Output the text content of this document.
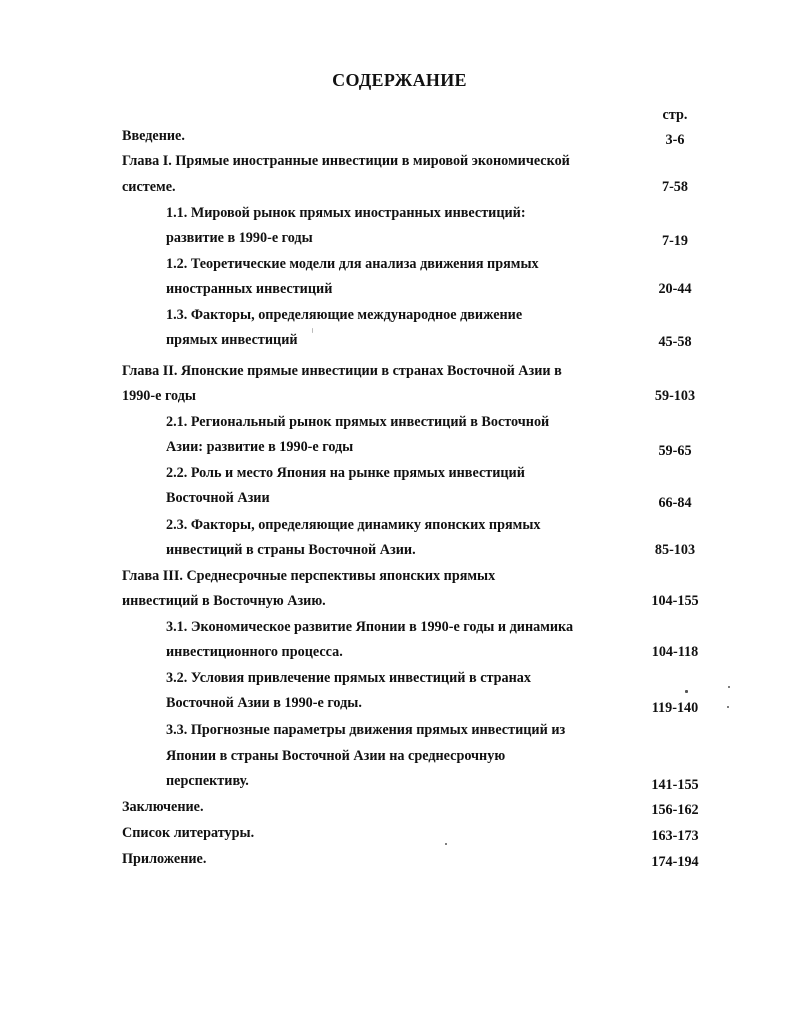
СОДЕРЖАНИЕ
стр.
Введение.	3-6
Глава I. Прямые иностранные инвестиции в мировой экономической
системе.	7-58
1.1. Мировой рынок прямых иностранных инвестиций:
развитие в 1990-е годы	7-19
1.2. Теоретические модели для анализа движения прямых
иностранных инвестиций	20-44
1.3. Факторы, определяющие международное движение
прямых инвестиций	45-58
Глава II. Японские прямые инвестиции в странах Восточной Азии в
1990-е годы	59-103
2.1. Региональный рынок прямых инвестиций в Восточной
Азии: развитие в 1990-е годы	59-65
2.2. Роль и место Япония на рынке прямых инвестиций
Восточной Азии	66-84
2.3. Факторы, определяющие динамику японских прямых
инвестиций в страны Восточной Азии.	85-103
Глава III. Среднесрочные перспективы японских прямых
инвестиций в Восточную Азию.	104-155
3.1. Экономическое развитие Японии в 1990-е годы и динамика
инвестиционного процесса.	104-118
3.2. Условия привлечение прямых инвестиций в странах
Восточной Азии в 1990-е годы.	119-140
3.3. Прогнозные параметры движения прямых инвестиций из
Японии в страны Восточной Азии на среднесрочную
перспективу.	141-155
Заключение.	156-162
Список литературы.	163-173
Приложение.	174-194
